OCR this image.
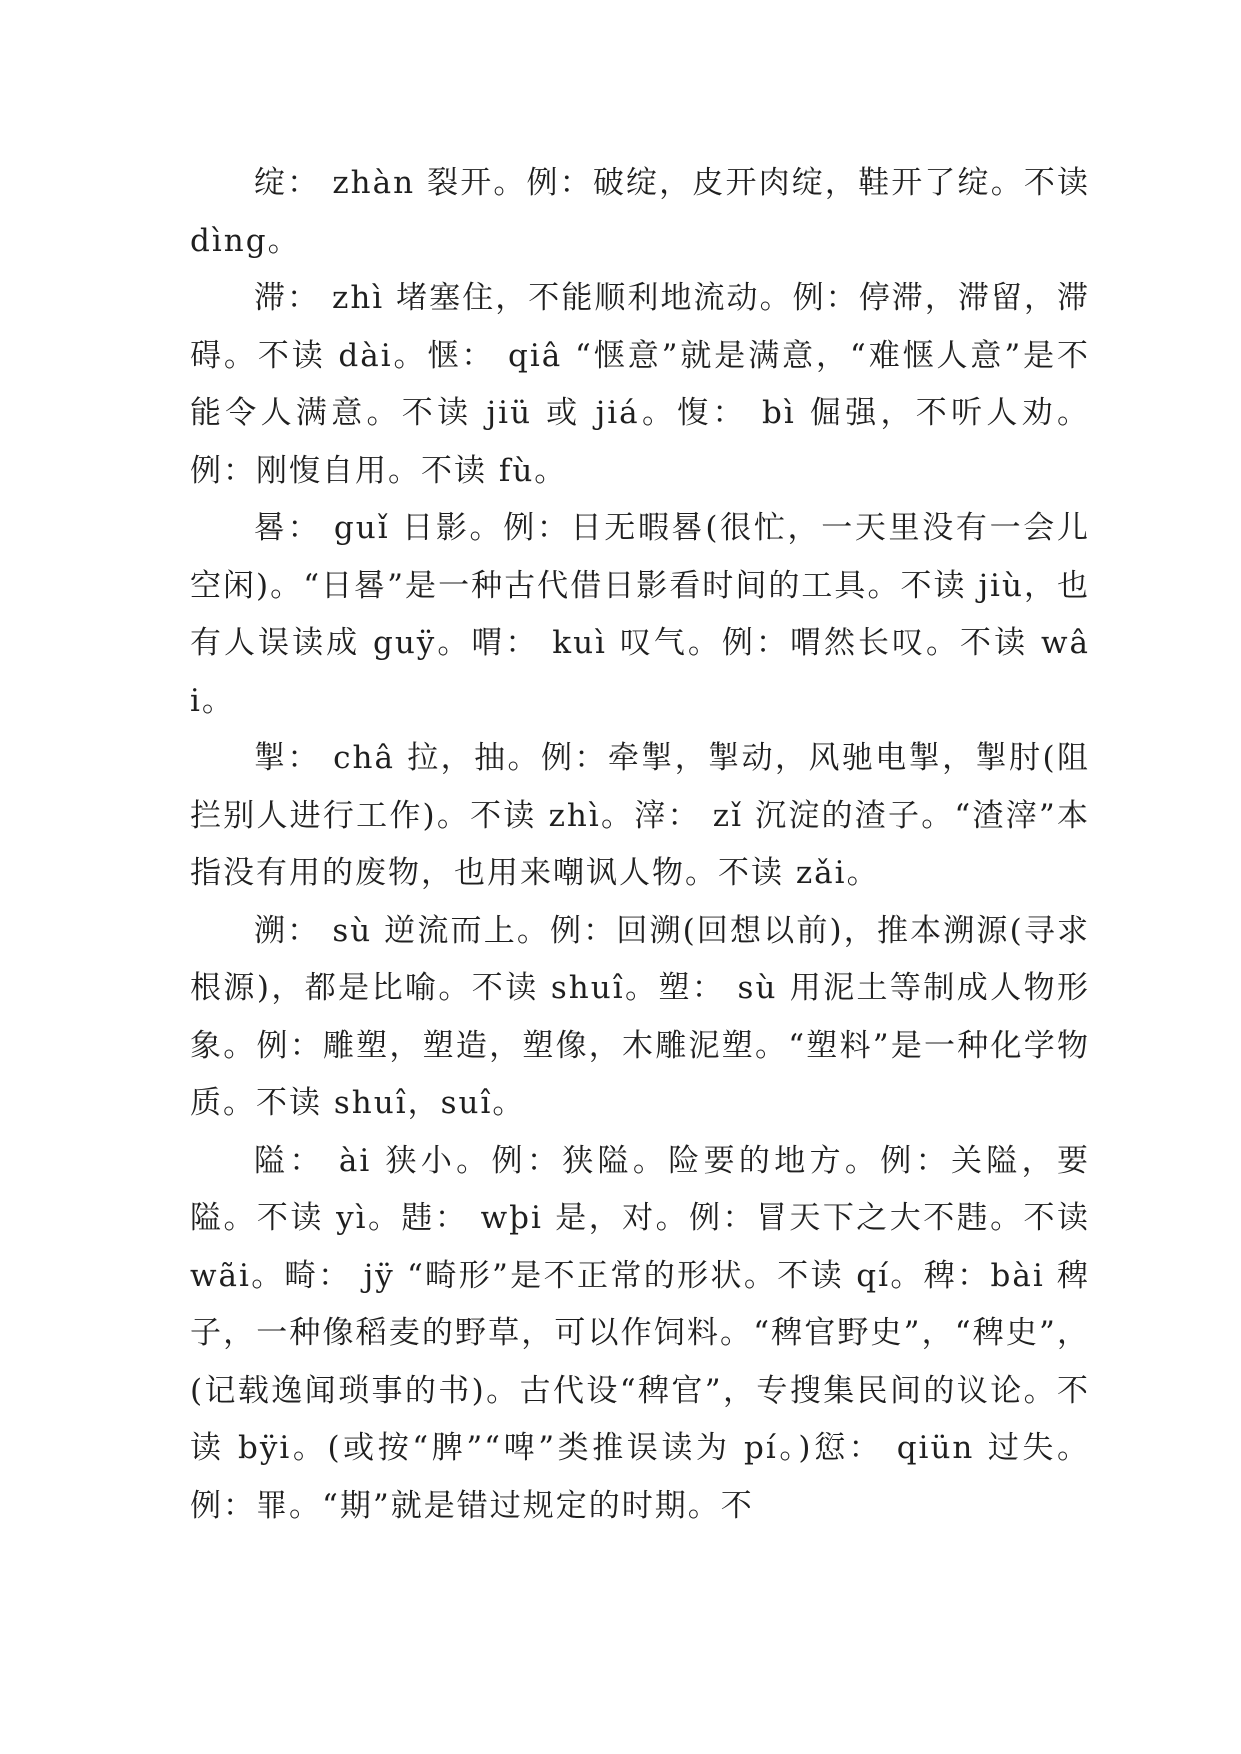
绽： zhàn 裂开。例：破绽，皮开肉绽，鞋开了绽。不读 dìng。

滞： zhì 堵塞住，不能顺利地流动。例：停滞，滞留，滞碍。不读 dài。惬： qiâ “惬意”就是满意，“难惬人意”是不能令人满意。不读 jiü 或 jiá。愎： bì 倔强，不听人劝。例：刚愎自用。不读 fù。

晷： guǐ 日影。例：日无暇晷(很忙，一天里没有一会儿空闲)。“日晷”是一种古代借日影看时间的工具。不读 jiù，也有人误读成 guÿ。喟： kuì 叹气。例：喟然长叹。不读 wâi。

掣： châ 拉，抽。例：牵掣，掣动，风驰电掣，掣肘(阻拦别人进行工作)。不读 zhì。滓： zǐ 沉淀的渣子。“渣滓”本指没有用的废物，也用来嘲讽人物。不读 zǎi。

溯： sù 逆流而上。例：回溯(回想以前)，推本溯源(寻求根源)，都是比喻。不读 shuî。塑： sù 用泥土等制成人物形象。例：雕塑，塑造，塑像，木雕泥塑。“塑料”是一种化学物质。不读 shuî，suî。

隘： ài 狭小。例：狭隘。险要的地方。例：关隘，要隘。不读 yì。韪： wþi 是，对。例：冒天下之大不韪。不读 wãi。畸： jÿ “畸形”是不正常的形状。不读 qí。稗：bài 稗子，一种像稻麦的野草，可以作饲料。“稗官野史”，“稗史”，(记载逸闻琐事的书)。古代设“稗官”，专搜集民间的议论。不读 bÿi。(或按“脾”“啤”类推误读为 pí。)愆： qiün 过失。例：罪。“期”就是错过规定的时期。不
